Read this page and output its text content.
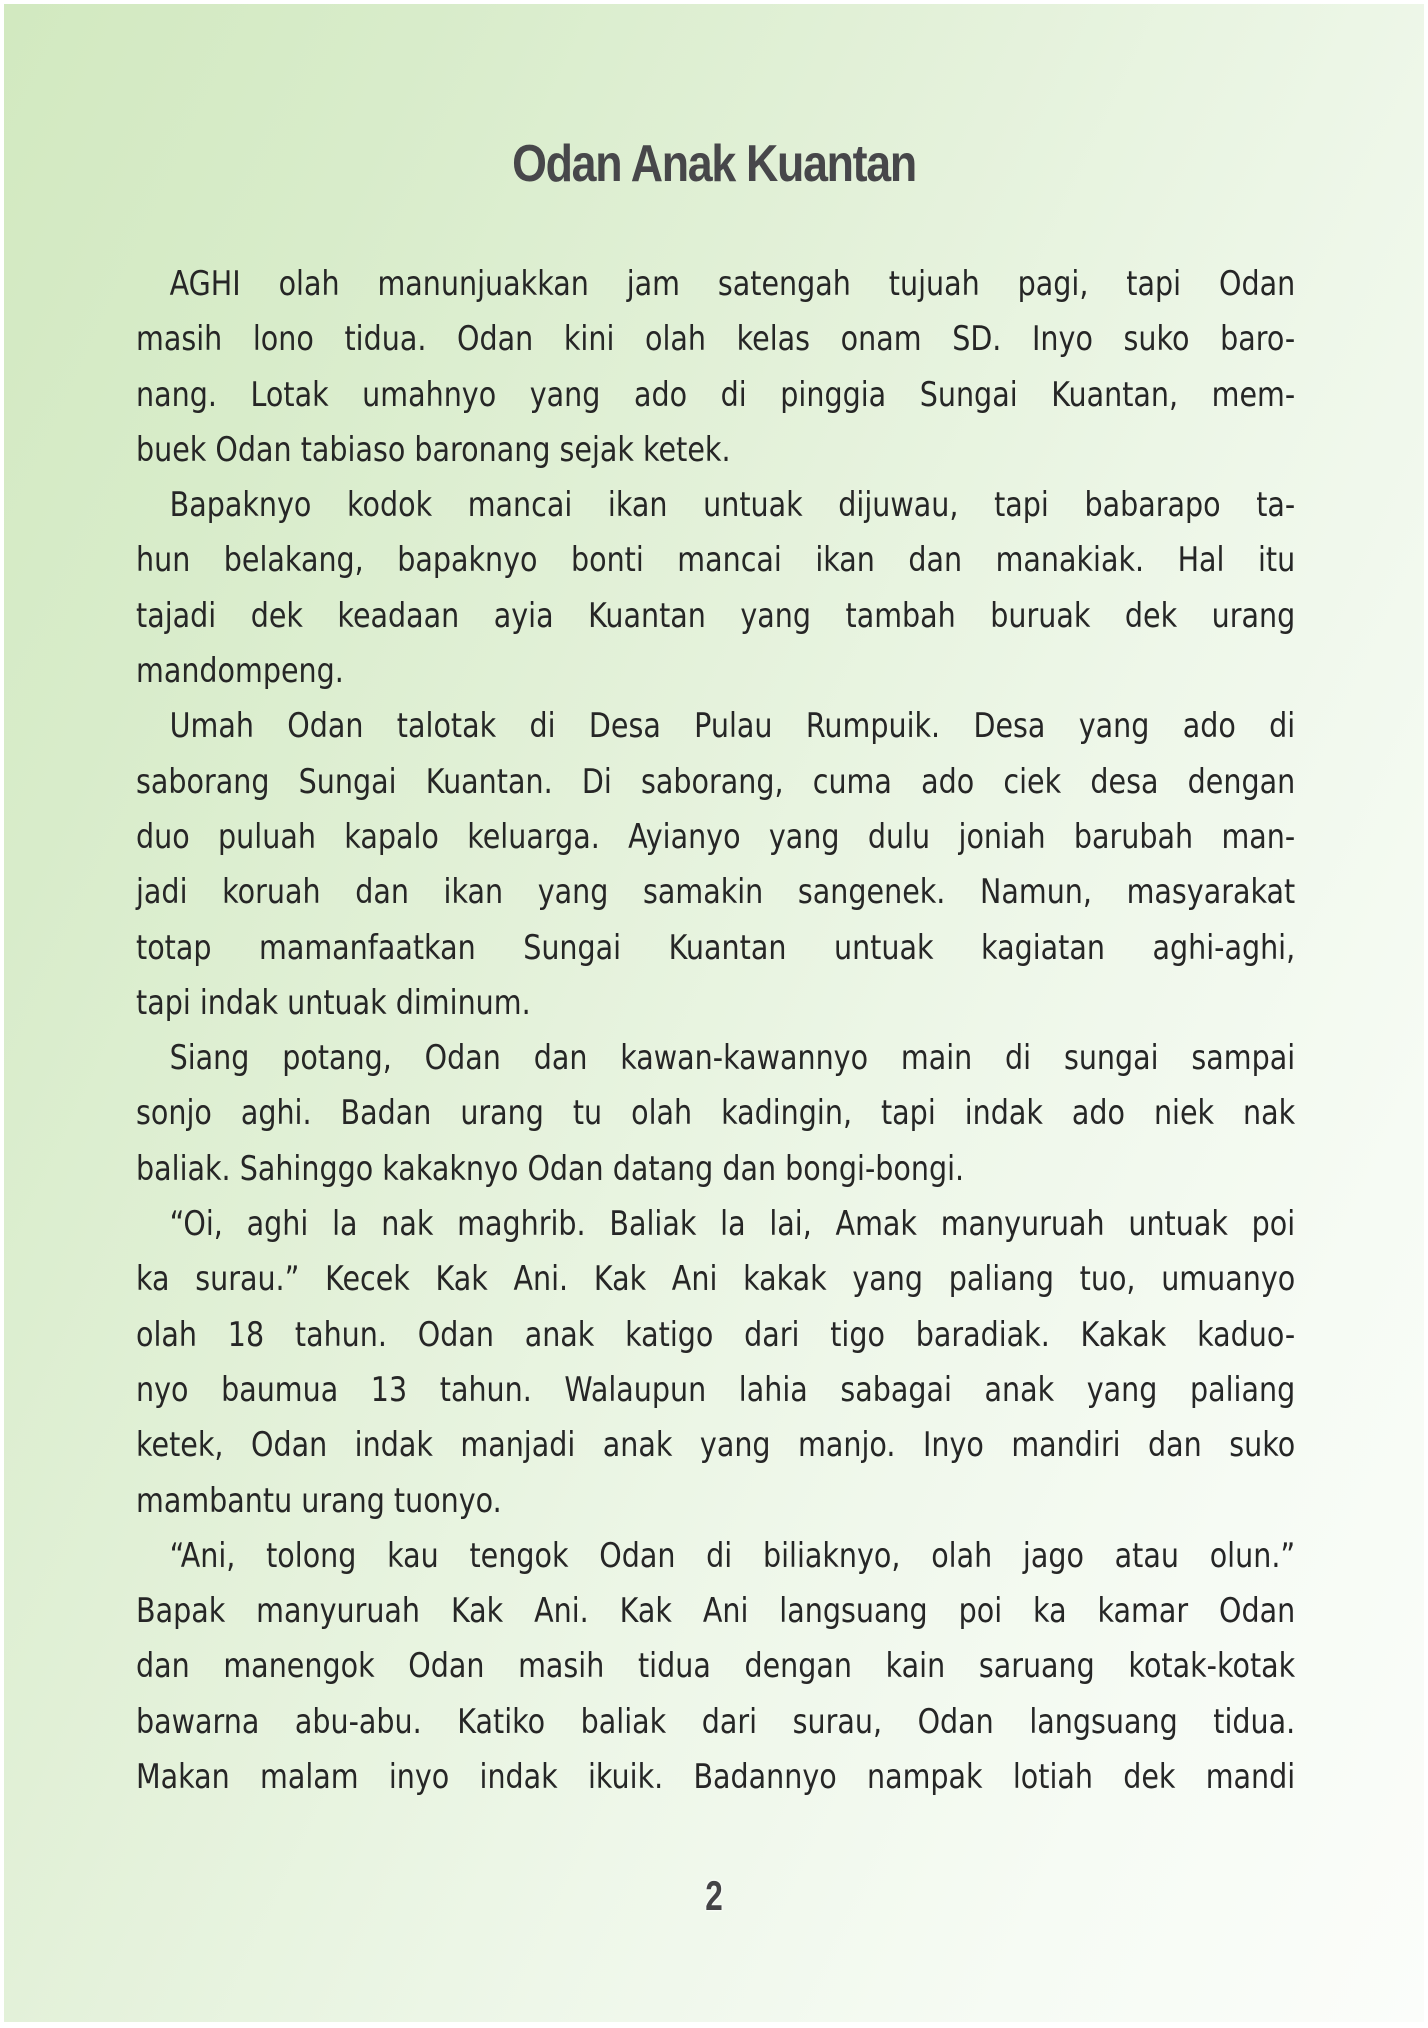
Odan Anak Kuantan
AGHI olah manunjuakkan jam satengah tujuah pagi, tapi Odan
masih lono tidua. Odan kini olah kelas onam SD. Inyo suko baro-
nang. Lotak umahnyo yang ado di pinggia Sungai Kuantan, mem-
buek Odan tabiaso baronang sejak ketek.
Bapaknyo kodok mancai ikan untuak dijuwau, tapi babarapo ta-
hun belakang, bapaknyo bonti mancai ikan dan manakiak. Hal itu
tajadi dek keadaan ayia Kuantan yang tambah buruak dek urang
mandompeng.
Umah Odan talotak di Desa Pulau Rumpuik. Desa yang ado di
saborang Sungai Kuantan. Di saborang, cuma ado ciek desa dengan
duo puluah kapalo keluarga. Ayianyo yang dulu joniah barubah man-
jadi koruah dan ikan yang samakin sangenek. Namun, masyarakat
totap mamanfaatkan Sungai Kuantan untuak kagiatan aghi-aghi,
tapi indak untuak diminum.
Siang potang, Odan dan kawan-kawannyo main di sungai sampai
sonjo aghi. Badan urang tu olah kadingin, tapi indak ado niek nak
baliak. Sahinggo kakaknyo Odan datang dan bongi-bongi.
“Oi, aghi la nak maghrib. Baliak la lai, Amak manyuruah untuak poi
ka surau.” Kecek Kak Ani. Kak Ani kakak yang paliang tuo, umuanyo
olah 18 tahun. Odan anak katigo dari tigo baradiak. Kakak kaduo-
nyo baumua 13 tahun. Walaupun lahia sabagai anak yang paliang
ketek, Odan indak manjadi anak yang manjo. Inyo mandiri dan suko
mambantu urang tuonyo.
“Ani, tolong kau tengok Odan di biliaknyo, olah jago atau olun.”
Bapak manyuruah Kak Ani. Kak Ani langsuang poi ka kamar Odan
dan manengok Odan masih tidua dengan kain saruang kotak-kotak
bawarna abu-abu. Katiko baliak dari surau, Odan langsuang tidua.
Makan malam inyo indak ikuik. Badannyo nampak lotiah dek mandi
2
